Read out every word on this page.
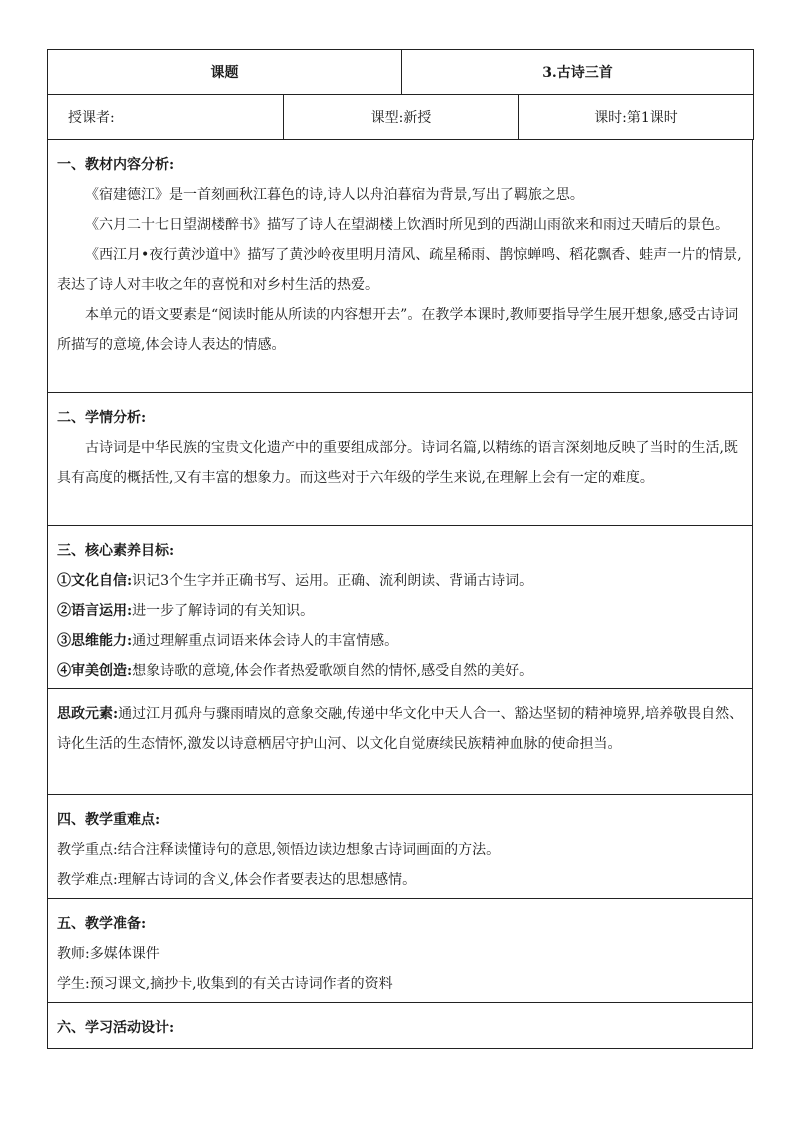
课题		3.古诗三首	
授课者:	课型:新授		课时:第1课时

一、教材内容分析:

《宿建德江》是一首刻画秋江暮色的诗,诗人以舟泊暮宿为背景,写出了羁旅之思。

《六月二十七日望湖楼醉书》描写了诗人在望湖楼上饮酒时所见到的西湖山雨欲来和雨过天晴后的景色。

《西江月•夜行黄沙道中》描写了黄沙岭夜里明月清风、疏星稀雨、鹊惊蝉鸣、稻花飘香、蛙声一片的情景,表达了诗人对丰收之年的喜悦和对乡村生活的热爱。

本单元的语文要素是“阅读时能从所读的内容想开去”。在教学本课时,教师要指导学生展开想象,感受古诗词所描写的意境,体会诗人表达的情感。

二、学情分析:

古诗词是中华民族的宝贵文化遗产中的重要组成部分。诗词名篇,以精练的语言深刻地反映了当时的生活,既具有高度的概括性,又有丰富的想象力。而这些对于六年级的学生来说,在理解上会有一定的难度。

三、核心素养目标:

①文化自信:识记3个生字并正确书写、运用。正确、流利朗读、背诵古诗词。

②语言运用:进一步了解诗词的有关知识。

③思维能力:通过理解重点词语来体会诗人的丰富情感。

④审美创造:想象诗歌的意境,体会作者热爱歌颂自然的情怀,感受自然的美好。

思政元素:通过江月孤舟与骤雨晴岚的意象交融,传递中华文化中天人合一、豁达坚韧的精神境界,培养敬畏自然、诗化生活的生态情怀,激发以诗意栖居守护山河、以文化自觉赓续民族精神血脉的使命担当。

四、教学重难点:

教学重点:结合注释读懂诗句的意思,领悟边读边想象古诗词画面的方法。

教学难点:理解古诗词的含义,体会作者要表达的思想感情。

五、教学准备:

教师:多媒体课件

学生:预习课文,摘抄卡,收集到的有关古诗词作者的资料

六、学习活动设计:
